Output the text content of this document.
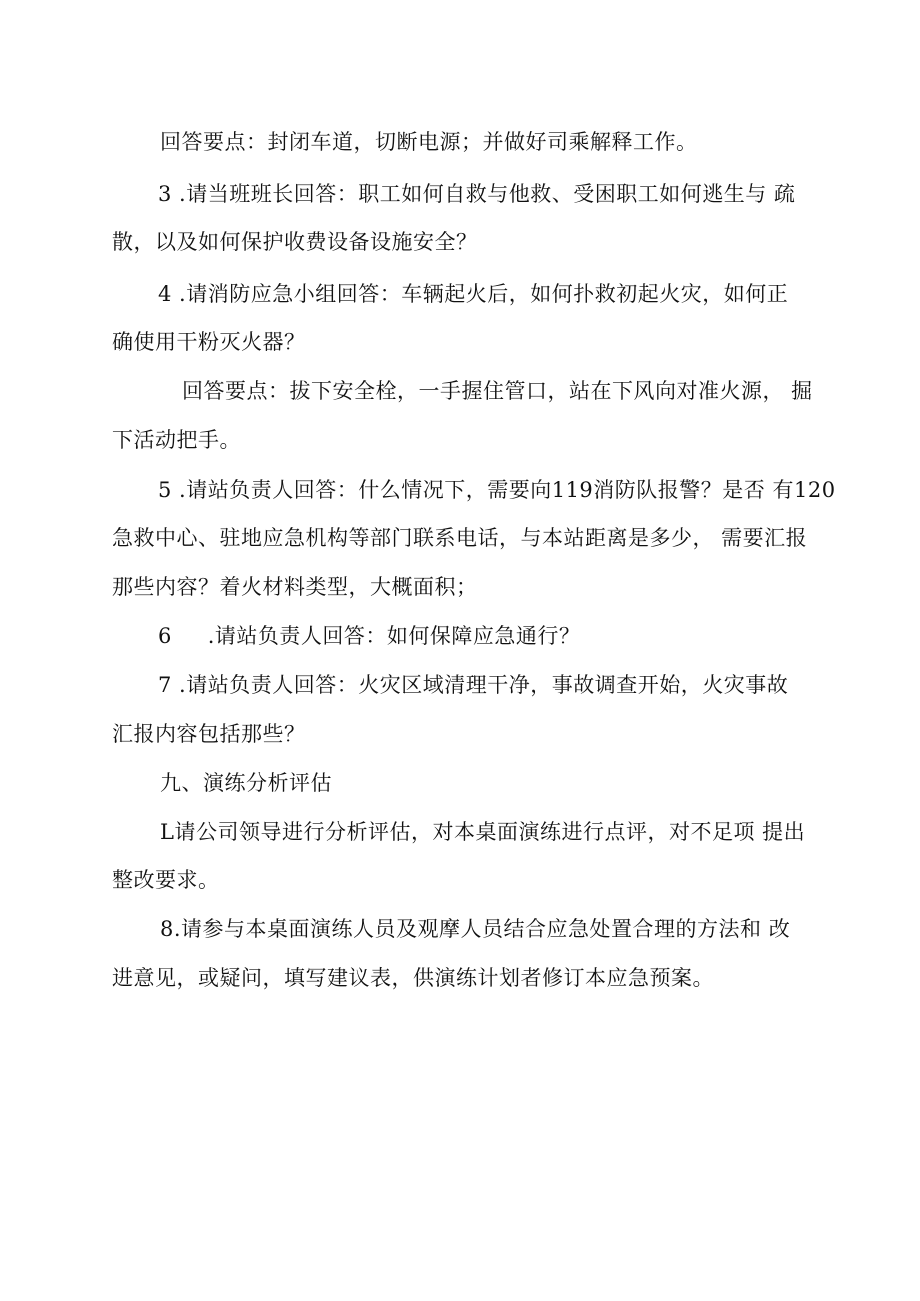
回答要点：封闭车道，切断电源；并做好司乘解释工作。
3 .请当班班长回答：职工如何自救与他救、受困职工如何逃生与 疏
散，以及如何保护收费设备设施安全？
4 .请消防应急小组回答：车辆起火后，如何扑救初起火灾，如何正
确使用干粉灭火器？
回答要点：拔下安全栓，一手握住管口，站在下风向对准火源， 掘
下活动把手。
5 .请站负责人回答：什么情况下，需要向119消防队报警？是否 有120
急救中心、驻地应急机构等部门联系电话，与本站距离是多少， 需要汇报
那些内容？着火材料类型，大概面积；
6 　 .请站负责人回答：如何保障应急通行？
7 .请站负责人回答：火灾区域清理干净，事故调查开始，火灾事故
汇报内容包括那些？
九、演练分析评估
L请公司领导进行分析评估，对本桌面演练进行点评，对不足项 提出
整改要求。
8.请参与本桌面演练人员及观摩人员结合应急处置合理的方法和 改
进意见，或疑问，填写建议表，供演练计划者修订本应急预案。
